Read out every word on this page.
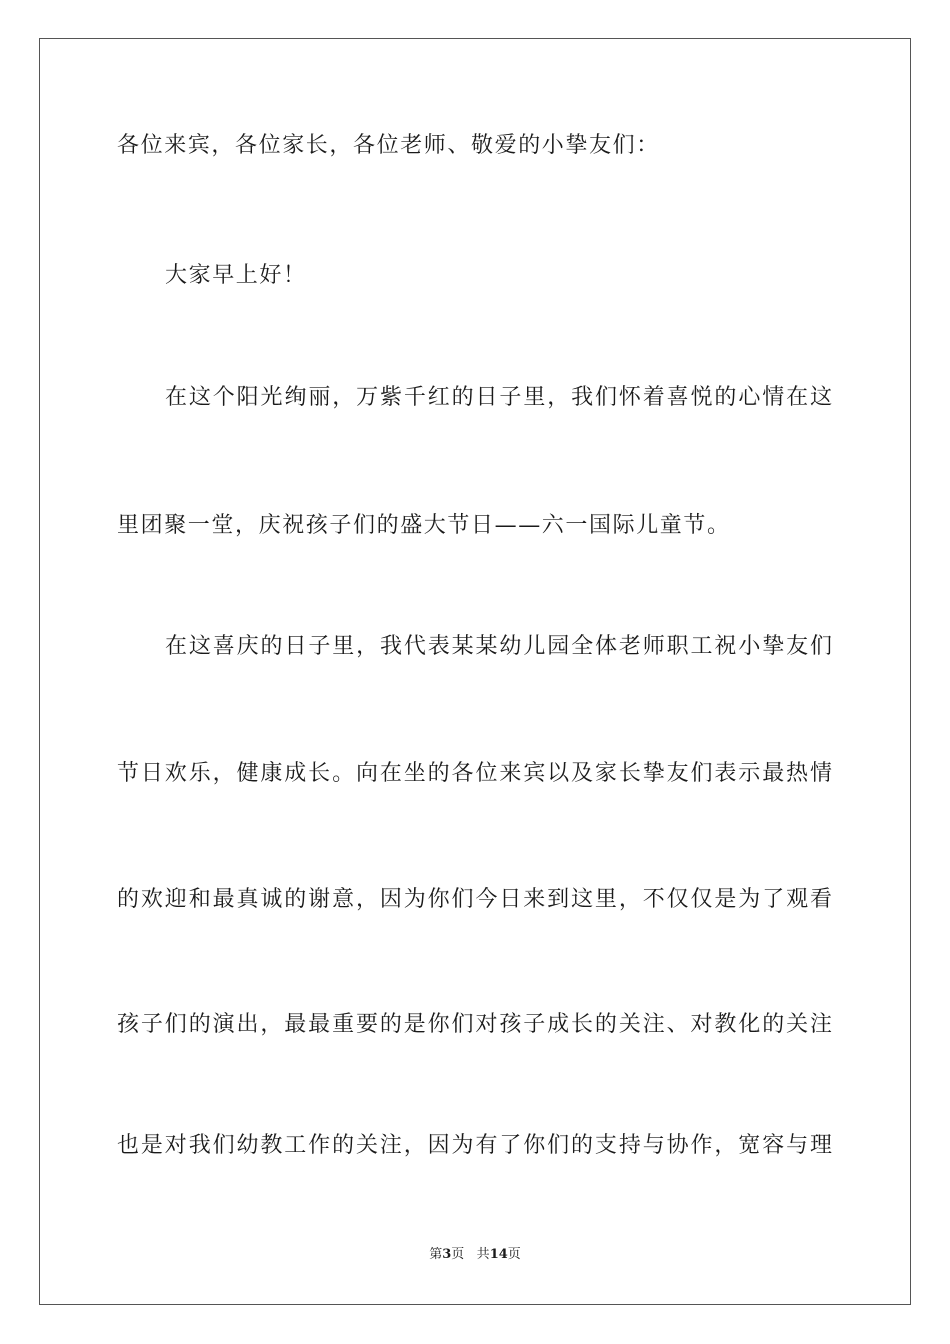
各位来宾，各位家长，各位老师、敬爱的小挚友们：
大家早上好！
在这个阳光绚丽，万紫千红的日子里，我们怀着喜悦的心情在这
里团聚一堂，庆祝孩子们的盛大节日——六一国际儿童节。
在这喜庆的日子里，我代表某某幼儿园全体老师职工祝小挚友们
节日欢乐，健康成长。向在坐的各位来宾以及家长挚友们表示最热情
的欢迎和最真诚的谢意，因为你们今日来到这里，不仅仅是为了观看
孩子们的演出，最最重要的是你们对孩子成长的关注、对教化的关注
也是对我们幼教工作的关注，因为有了你们的支持与协作，宽容与理
第3页 共14页
